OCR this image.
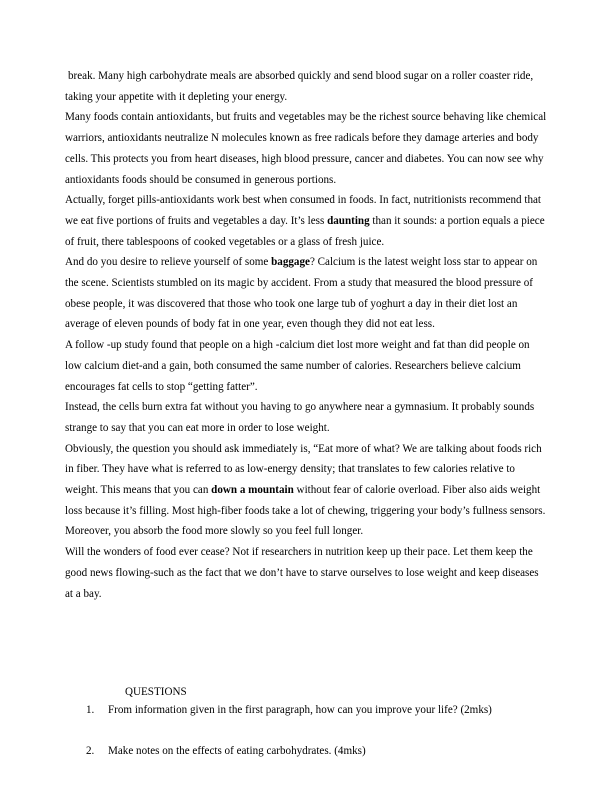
break. Many high carbohydrate meals are absorbed quickly and send blood sugar on a roller coaster ride, taking your appetite with it depleting your energy.

Many foods contain antioxidants, but fruits and vegetables may be the richest source behaving like chemical warriors, antioxidants neutralize N molecules known as free radicals before they damage arteries and body cells. This protects you from heart diseases, high blood pressure, cancer and diabetes. You can now see why antioxidants foods should be consumed in generous portions.

Actually, forget pills-antioxidants work best when consumed in foods. In fact, nutritionists recommend that we eat five portions of fruits and vegetables a day. It’s less daunting than it sounds: a portion equals a piece of fruit, there tablespoons of cooked vegetables or a glass of fresh juice.

And do you desire to relieve yourself of some baggage? Calcium is the latest weight loss star to appear on the scene. Scientists stumbled on its magic by accident. From a study that measured the blood pressure of obese people, it was discovered that those who took one large tub of yoghurt a day in their diet lost an average of eleven pounds of body fat in one year, even though they did not eat less.

A follow -up study found that people on a high -calcium diet lost more weight and fat than did people on low calcium diet-and a gain, both consumed the same number of calories. Researchers believe calcium encourages fat cells to stop “getting fatter”.

Instead, the cells burn extra fat without you having to go anywhere near a gymnasium. It probably sounds strange to say that you can eat more in order to lose weight.

Obviously, the question you should ask immediately is, “Eat more of what? We are talking about foods rich in fiber. They have what is referred to as low-energy density; that translates to few calories relative to weight. This means that you can down a mountain without fear of calorie overload. Fiber also aids weight loss because it’s filling. Most high-fiber foods take a lot of chewing, triggering your body’s fullness sensors. Moreover, you absorb the food more slowly so you feel full longer.

Will the wonders of food ever cease? Not if researchers in nutrition keep up their pace. Let them keep the good news flowing-such as the fact that we don’t have to starve ourselves to lose weight and keep diseases at a bay.

QUESTIONS

1.	From information given in the first paragraph, how can you improve your life? (2mks)
2.	Make notes on the effects of eating carbohydrates. (4mks)
